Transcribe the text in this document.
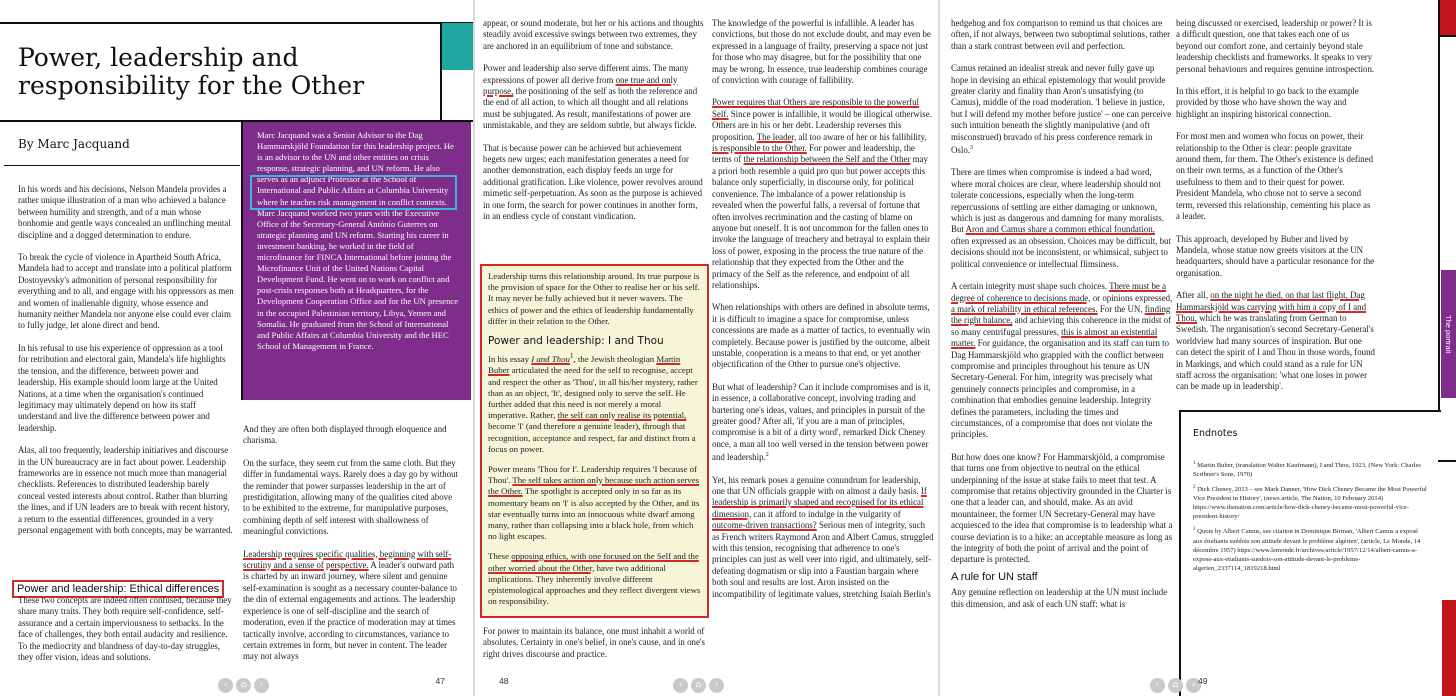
Power, leadership and responsibility for the Other
By Marc Jacquand
Marc Jacquand was a Senior Advisor to the Dag Hammarskjöld Foundation for this leadership project. He is an advisor to the UN and other entities on crisis response, strategic planning, and UN reform. He also serves as an adjunct Professor at the School of International and Public Affairs at Columbia University where he teaches risk management in conflict contexts. Marc Jacquand worked two years with the Executive Office of the Secretary-General António Guterres on strategic planning and UN reform. Starting his career in investment banking, he worked in the field of microfinance for FINCA International before joining the Microfinance Unit of the United Nations Capital Development Fund. He went on to work on conflict and post-crisis responses both at Headquarters, for the Development Cooperation Office and for the UN presence in the occupied Palestinian territory, Libya, Yemen and Somalia. He graduated from the School of International and Public Affairs at Columbia University and the HEC School of Management in France.

In his words and his decisions, Nelson Mandela provides a rather unique illustration of a man who achieved a balance between humility and strength, and of a man whose bonhomie and gentle ways concealed an unflinching mental discipline and a dogged determination to endure.

To break the cycle of violence in Apartheid South Africa, Mandela had to accept and translate into a political platform Dostoyevsky's admonition of personal responsibility for everything and to all, and engage with his oppressors as men and women of inalienable dignity, whose essence and humanity neither Mandela nor anyone else could ever claim to fully judge, let alone direct and bend.

In his refusal to use his experience of oppression as a tool for retribution and electoral gain, Mandela's life highlights the tension, and the difference, between power and leadership. His example should loom large at the United Nations, at a time when the organisation's continued legitimacy may ultimately depend on how its staff understand and live the difference between power and leadership.

Alas, all too frequently, leadership initiatives and discourse in the UN bureaucracy are in fact about power. Leadership frameworks are in essence not much more than managerial checklists. References to distributed leadership barely conceal vested interests about control. Rather than blurring the lines, and if UN leaders are to break with recent history, a return to the essential differences, grounded in a very personal engagement with both concepts, may be warranted.

Power and leadership: Ethical differences

These two concepts are indeed often confused, because they share many traits. They both require self-confidence, self-assurance and a certain imperviousness to setbacks. In the face of challenges, they both entail audacity and resilience. To the mediocrity and blandness of day-to-day struggles, they offer vision, ideas and solutions.

And they are often both displayed through eloquence and charisma.

On the surface, they seem cut from the same cloth. But they differ in fundamental ways. Rarely does a day go by without the reminder that power surpasses leadership in the art of prestidigitation, allowing many of the qualities cited above to be exhibited to the extreme, for manipulative purposes, combining depth of self interest with shallowness of meaningful convictions.

Leadership requires specific qualities, beginning with self-scrutiny and a sense of perspective. A leader's outward path is charted by an inward journey, where silent and genuine self-examination is sought as a necessary counter-balance to the din of external engagements and actions. The leadership experience is one of self-discipline and the search of moderation, even if the practice of moderation may at times tactically involve, according to circumstances, variance to certain extremes in form, but never in content. The leader may not always

‹	⌂	›	47

appear, or sound moderate, but her or his actions and thoughts steadily avoid excessive swings between two extremes, they are anchored in an equilibrium of tone and substance.

Power and leadership also serve different aims. The many expressions of power all derive from one true and only purpose, the positioning of the self as both the reference and the end of all action, to which all thought and all relations must be subjugated. As result, manifestations of power are unmistakable, and they are seldom subtle, but always fickle.

That is because power can be achieved but achievement begets new urges; each manifestation generates a need for another demonstration, each display feeds an urge for additional gratification. Like violence, power revolves around mimetic self-perpetuation. As soon as the purpose is achieved in one form, the search for power continues in another form, in an endless cycle of constant vindication.

Leadership turns this relationship around. Its true purpose is the provision of space for the Other to realise her or his self. It may never be fully achieved but it never wavers. The ethics of power and the ethics of leadership fundamentally differ in their relation to the Other.

Power and leadership: I and Thou

In his essay I and Thou$^1$, the Jewish theologian Martin Buber articulated the need for the self to recognise, accept and respect the other as 'Thou', in all his/her mystery, rather than as an object, 'It', designed only to serve the self. He further added that this need is not merely a moral imperative. Rather, the self can only realise its potential, become 'I' (and therefore a genuine leader), through that recognition, acceptance and respect, far and distinct from a focus on power.

Power means 'Thou for I'. Leadership requires 'I because of Thou'. The self takes action only because such action serves the Other. The spotlight is accepted only in so far as its momentary beam on 'I' is also accepted by the Other, and its star eventually turns into an innocuous white dwarf among many, rather than collapsing into a black hole, from which no light escapes.

These opposing ethics, with one focused on the Self and the other worried about the Other, have two additional implications. They inherently involve different epistemological approaches and they reflect divergent views on responsibility.

For power to maintain its balance, one must inhabit a world of absolutes. Certainty in one's belief, in one's cause, and in one's right drives discourse and practice.

The knowledge of the powerful is infallible. A leader has convictions, but those do not exclude doubt, and may even be expressed in a language of frailty, preserving a space not just for those who may disagree, but for the possibility that one may be wrong. In essence, true leadership combines courage of conviction with courage of fallibility.

Power requires that Others are responsible to the powerful Self. Since power is infallible, it would be illogical otherwise. Others are in his or her debt. Leadership reverses this proposition. The leader, all too aware of her or his fallibility, is responsible to the Other. For power and leadership, the terms of the relationship between the Self and the Other may a priori both resemble a quid pro quo but power accepts this balance only superficially, in discourse only, for political convenience. The imbalance of a power relationship is revealed when the powerful falls, a reversal of fortune that often involves recrimination and the casting of blame on anyone but oneself. It is not uncommon for the fallen ones to invoke the language of treachery and betrayal to explain their loss of power, exposing in the process the true nature of the relationship that they expected from the Other and the primacy of the Self as the reference, and endpoint of all relationships.

When relationships with others are defined in absolute terms, it is difficult to imagine a space for compromise, unless concessions are made as a matter of tactics, to eventually win completely. Because power is justified by the outcome, albeit unstable, cooperation is a means to that end, or yet another objectification of the Other to pursue one's objective.

But what of leadership? Can it include compromises and is it, in essence, a collaborative concept, involving trading and bartering one's ideas, values, and principles in pursuit of the greater good? After all, 'if you are a man of principles, compromise is a bit of a dirty word', remarked Dick Cheney once, a man all too well versed in the tension between power and leadership.$^2$

Yet, his remark poses a genuine conundrum for leadership, one that UN officials grapple with on almost a daily basis. If leadership is primarily shaped and recognised for its ethical dimension, can it afford to indulge in the vulgarity of outcome-driven transactions? Serious men of integrity, such as French writers Raymond Aron and Albert Camus, struggled with this tension, recognising that adherence to one's principles can just as well veer into rigid, and ultimately, self-defeating dogmatism or slip into a Faustian bargain where both soul and results are lost. Aron insisted on the incompatibility of legitimate values, stretching Isaiah Berlin's

48	‹	⌂	›

hedgehog and fox comparison to remind us that choices are often, if not always, between two suboptimal solutions, rather than a stark contrast between evil and perfection.

Camus retained an idealist streak and never fully gave up hope in devising an ethical epistemology that would provide greater clarity and finality than Aron's unsatisfying (to Camus), middle of the road moderation. 'I believe in justice, but I will defend my mother before justice' – one can perceive such intuition beneath the slightly manipulative (and oft misconstrued) bravado of his press conference remark in Oslo.$^3$

There are times when compromise is indeed a bad word, where moral choices are clear, where leadership should not tolerate concessions, especially when the long-term repercussions of settling are either damaging or unknown, which is just as dangerous and damning for many moralists. But Aron and Camus share a common ethical foundation, often expressed as an obsession. Choices may be difficult, but decisions should not be inconsistent, or whimsical, subject to political convenience or intellectual flimsiness.

A certain integrity must shape such choices. There must be a degree of coherence to decisions made, or opinions expressed, a mark of reliability in ethical references. For the UN, finding the right balance, and achieving this coherence in the midst of so many centrifugal pressures, this is almost an existential matter. For guidance, the organisation and its staff can turn to Dag Hammarskjöld who grappled with the conflict between compromise and principles throughout his tenure as UN Secretary-General. For him, integrity was precisely what genuinely connects principles and compromise, in a combination that embodies genuine leadership. Integrity defines the parameters, including the times and circumstances, of a compromise that does not violate the principles.

But how does one know? For Hammarskjöld, a compromise that turns one from objective to neutral on the ethical underpinning of the issue at stake fails to meet that test. A compromise that retains objectivity grounded in the Charter is one that a leader can, and should, make. As an avid mountaineer, the former UN Secretary-General may have acquiesced to the idea that compromise is to leadership what a course deviation is to a hike: an acceptable measure as long as the integrity of both the point of arrival and the point of departure is protected.

A rule for UN staff

Any genuine reflection on leadership at the UN must include this dimension, and ask of each UN staff: what is

being discussed or exercised, leadership or power? It is a difficult question, one that takes each one of us beyond our comfort zone, and certainly beyond stale leadership checklists and frameworks. It speaks to very personal behaviours and requires genuine introspection.

In this effort, it is helpful to go back to the example provided by those who have shown the way and highlight an inspiring historical connection.

For most men and women who focus on power, their relationship to the Other is clear: people gravitate around them, for them. The Other's existence is defined on their own terms, as a function of the Other's usefulness to them and to their quest for power. President Mandela, who chose not to serve a second term, reversed this relationship, cementing his place as a leader.

This approach, developed by Buber and lived by Mandela, whose statue now greets visitors at the UN headquarters, should have a particular resonance for the organisation.

After all, on the night he died, on that last flight, Dag Hammarskjöld was carrying with him a copy of I and Thou, which he was translating from German to Swedish. The organisation's second Secretary-General's worldview had many sources of inspiration. But one can detect the spirit of I and Thou in those words, found in Markings, and which could stand as a rule for UN staff across the organisation: 'what one loses in power can be made up in leadership'.

The portrait
Endnotes
$^1$ Martin Buber, (translation Walter Kaufmann), I and Thou, 1923, (New York: Charles Scribner's Sons, 1970)
$^2$ Dick Cheney, 2013 – see Mark Danner, 'How Dick Cheney Became the Most Powerful Vice President in History', (news article, The Nation, 10 February 2014) https://www.thenation.com/article/how-dick-cheney-became-most-powerful-vice-president-history/
$^3$ Quote by Albert Camus, see citation in Dominique Birman, 'Albert Camus a exposé aux étudiants suédois son attitude devant le problème algérien', (article, Le Monde, 14 décembre 1957) https://www.lemonde.fr/archives/article/1957/12/14/albert-camus-a-expose-aux-etudiants-suedois-son-attitude-devant-le-probleme-algerien_2337114_1819218.html
‹	⌂	› 49
